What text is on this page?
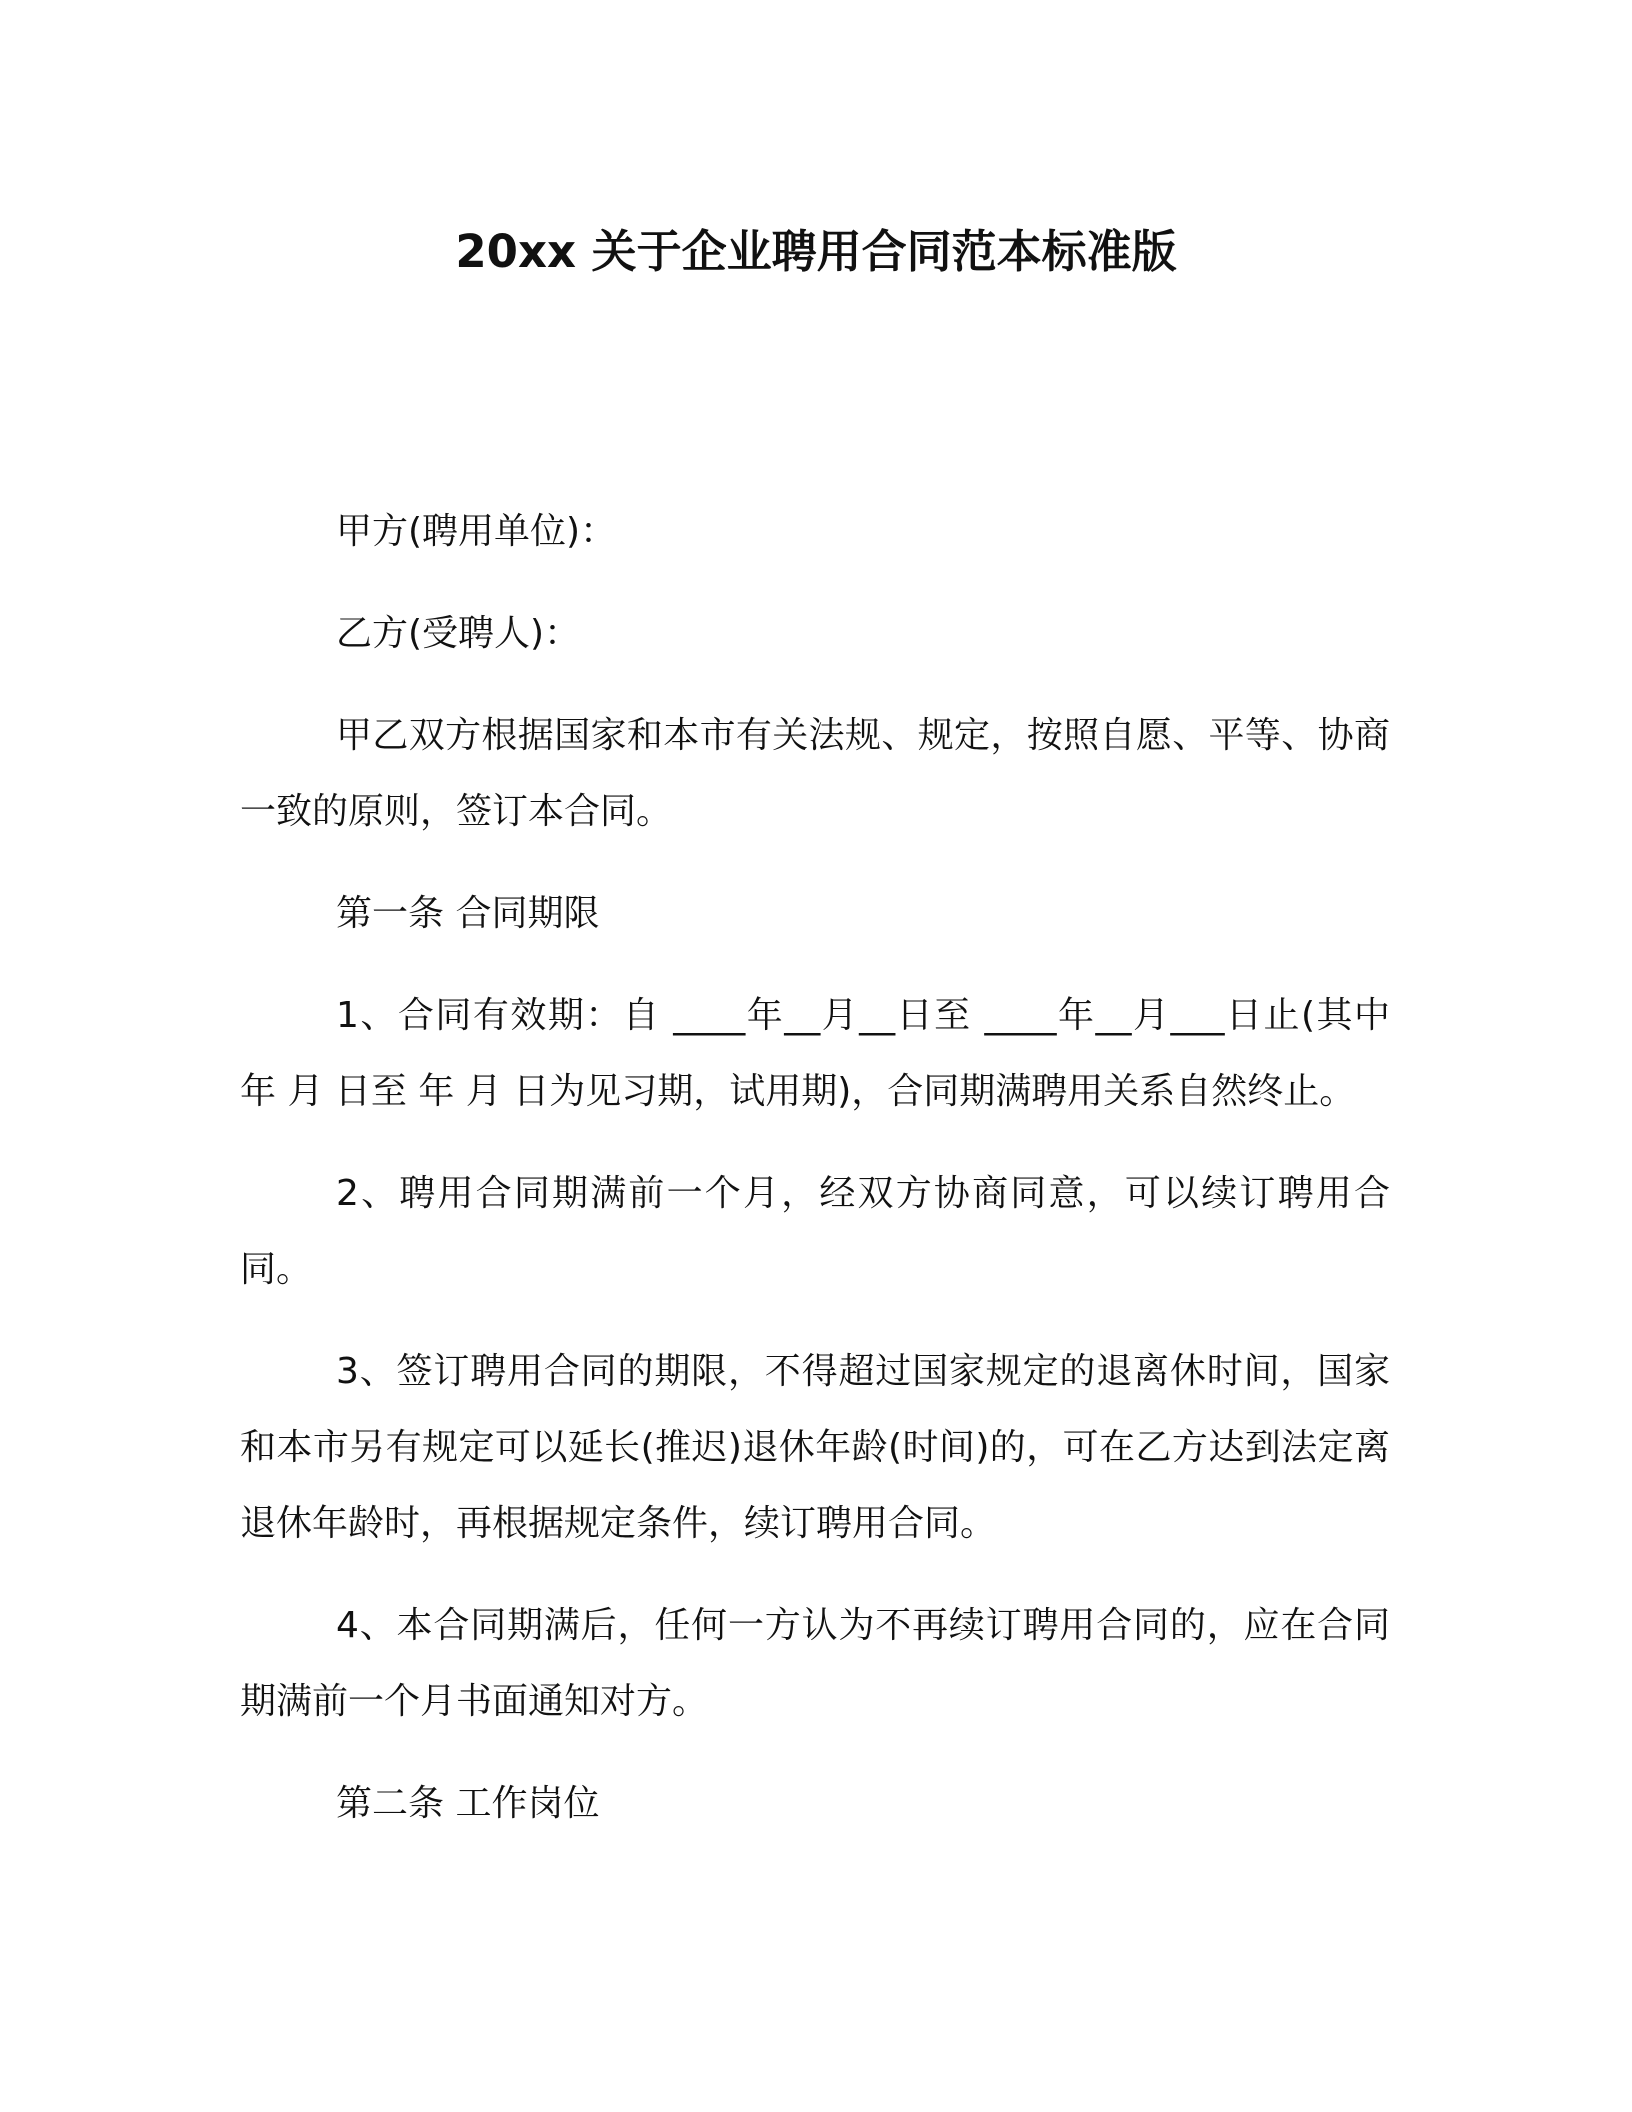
20xx 关于企业聘用合同范本标准版

甲方(聘用单位)：

乙方(受聘人)：

甲乙双方根据国家和本市有关法规、规定，按照自愿、平等、协商一致的原则，签订本合同。

第一条 合同期限

1、合同有效期：自 ____年__月__日至 ____年__月___日止(其中 年 月 日至 年 月 日为见习期，试用期)，合同期满聘用关系自然终止。

2、聘用合同期满前一个月，经双方协商同意，可以续订聘用合同。

3、签订聘用合同的期限，不得超过国家规定的退离休时间，国家和本市另有规定可以延长(推迟)退休年龄(时间)的，可在乙方达到法定离退休年龄时，再根据规定条件，续订聘用合同。

4、本合同期满后，任何一方认为不再续订聘用合同的，应在合同期满前一个月书面通知对方。

第二条 工作岗位
